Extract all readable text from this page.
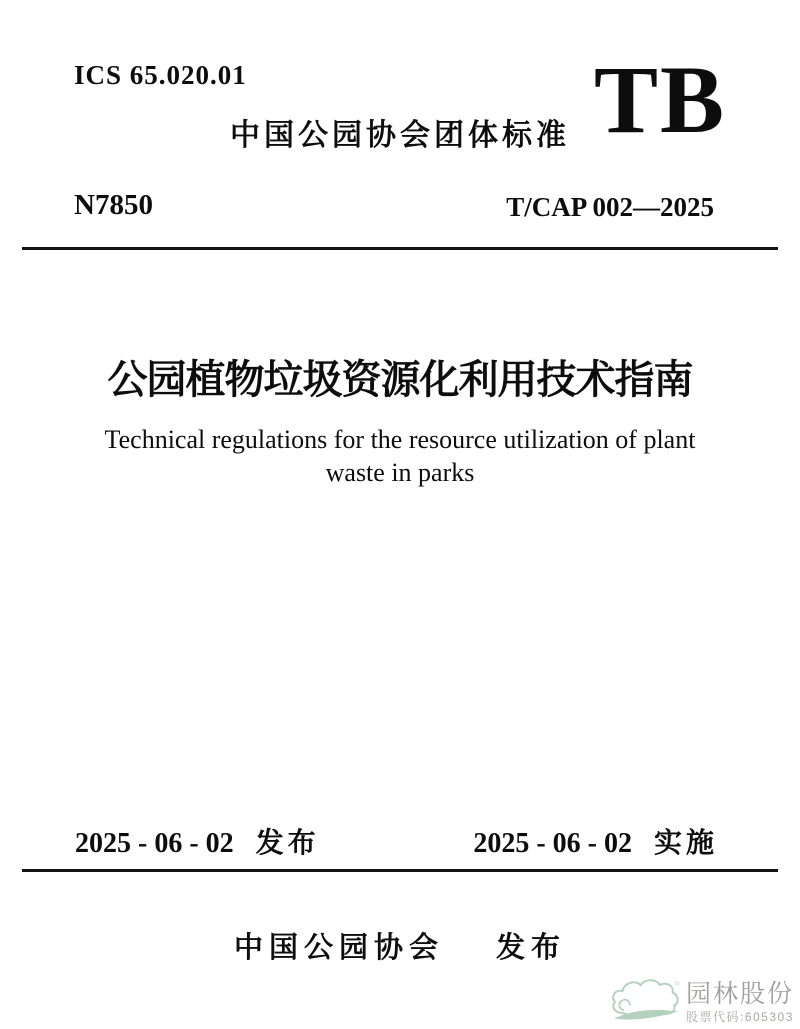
ICS 65.020.01
中国公园协会团体标准 TB
N7850	T/CAP 002—2025
公园植物垃圾资源化利用技术指南
Technical regulations for the resource utilization of plant
waste in parks
2025 - 06 - 02 发布	2025 - 06 - 02 实施
中国公园协会 发布
园林股份
股票代码:605303
